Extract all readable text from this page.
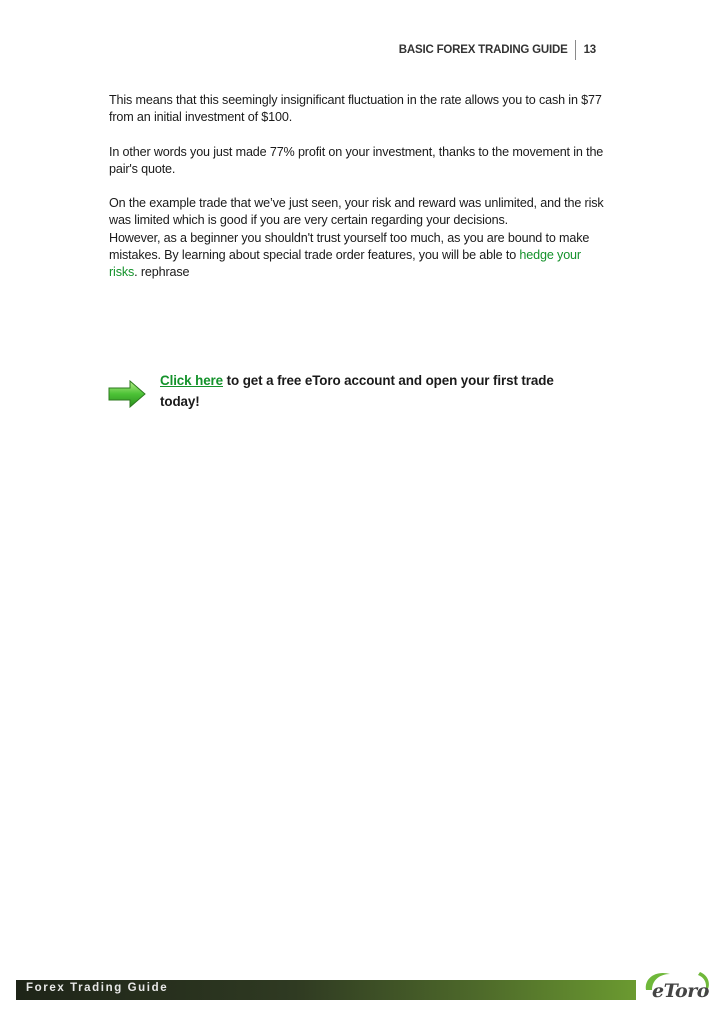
BASIC FOREX TRADING GUIDE 13

This means that this seemingly insignificant fluctuation in the rate allows you to cash in $77 from an initial investment of $100.

In other words you just made 77% profit on your investment, thanks to the movement in the pair's quote.

On the example trade that we’ve just seen, your risk and reward was unlimited, and the risk was limited which is good if you are very certain regarding your decisions.

However, as a beginner you shouldn't trust yourself too much, as you are bound to make mistakes. By learning about special trade order features, you will be able to hedge your risks. rephrase

Click here to get a free eToro account and open your first trade today!
Forex Trading Guide	eToro
